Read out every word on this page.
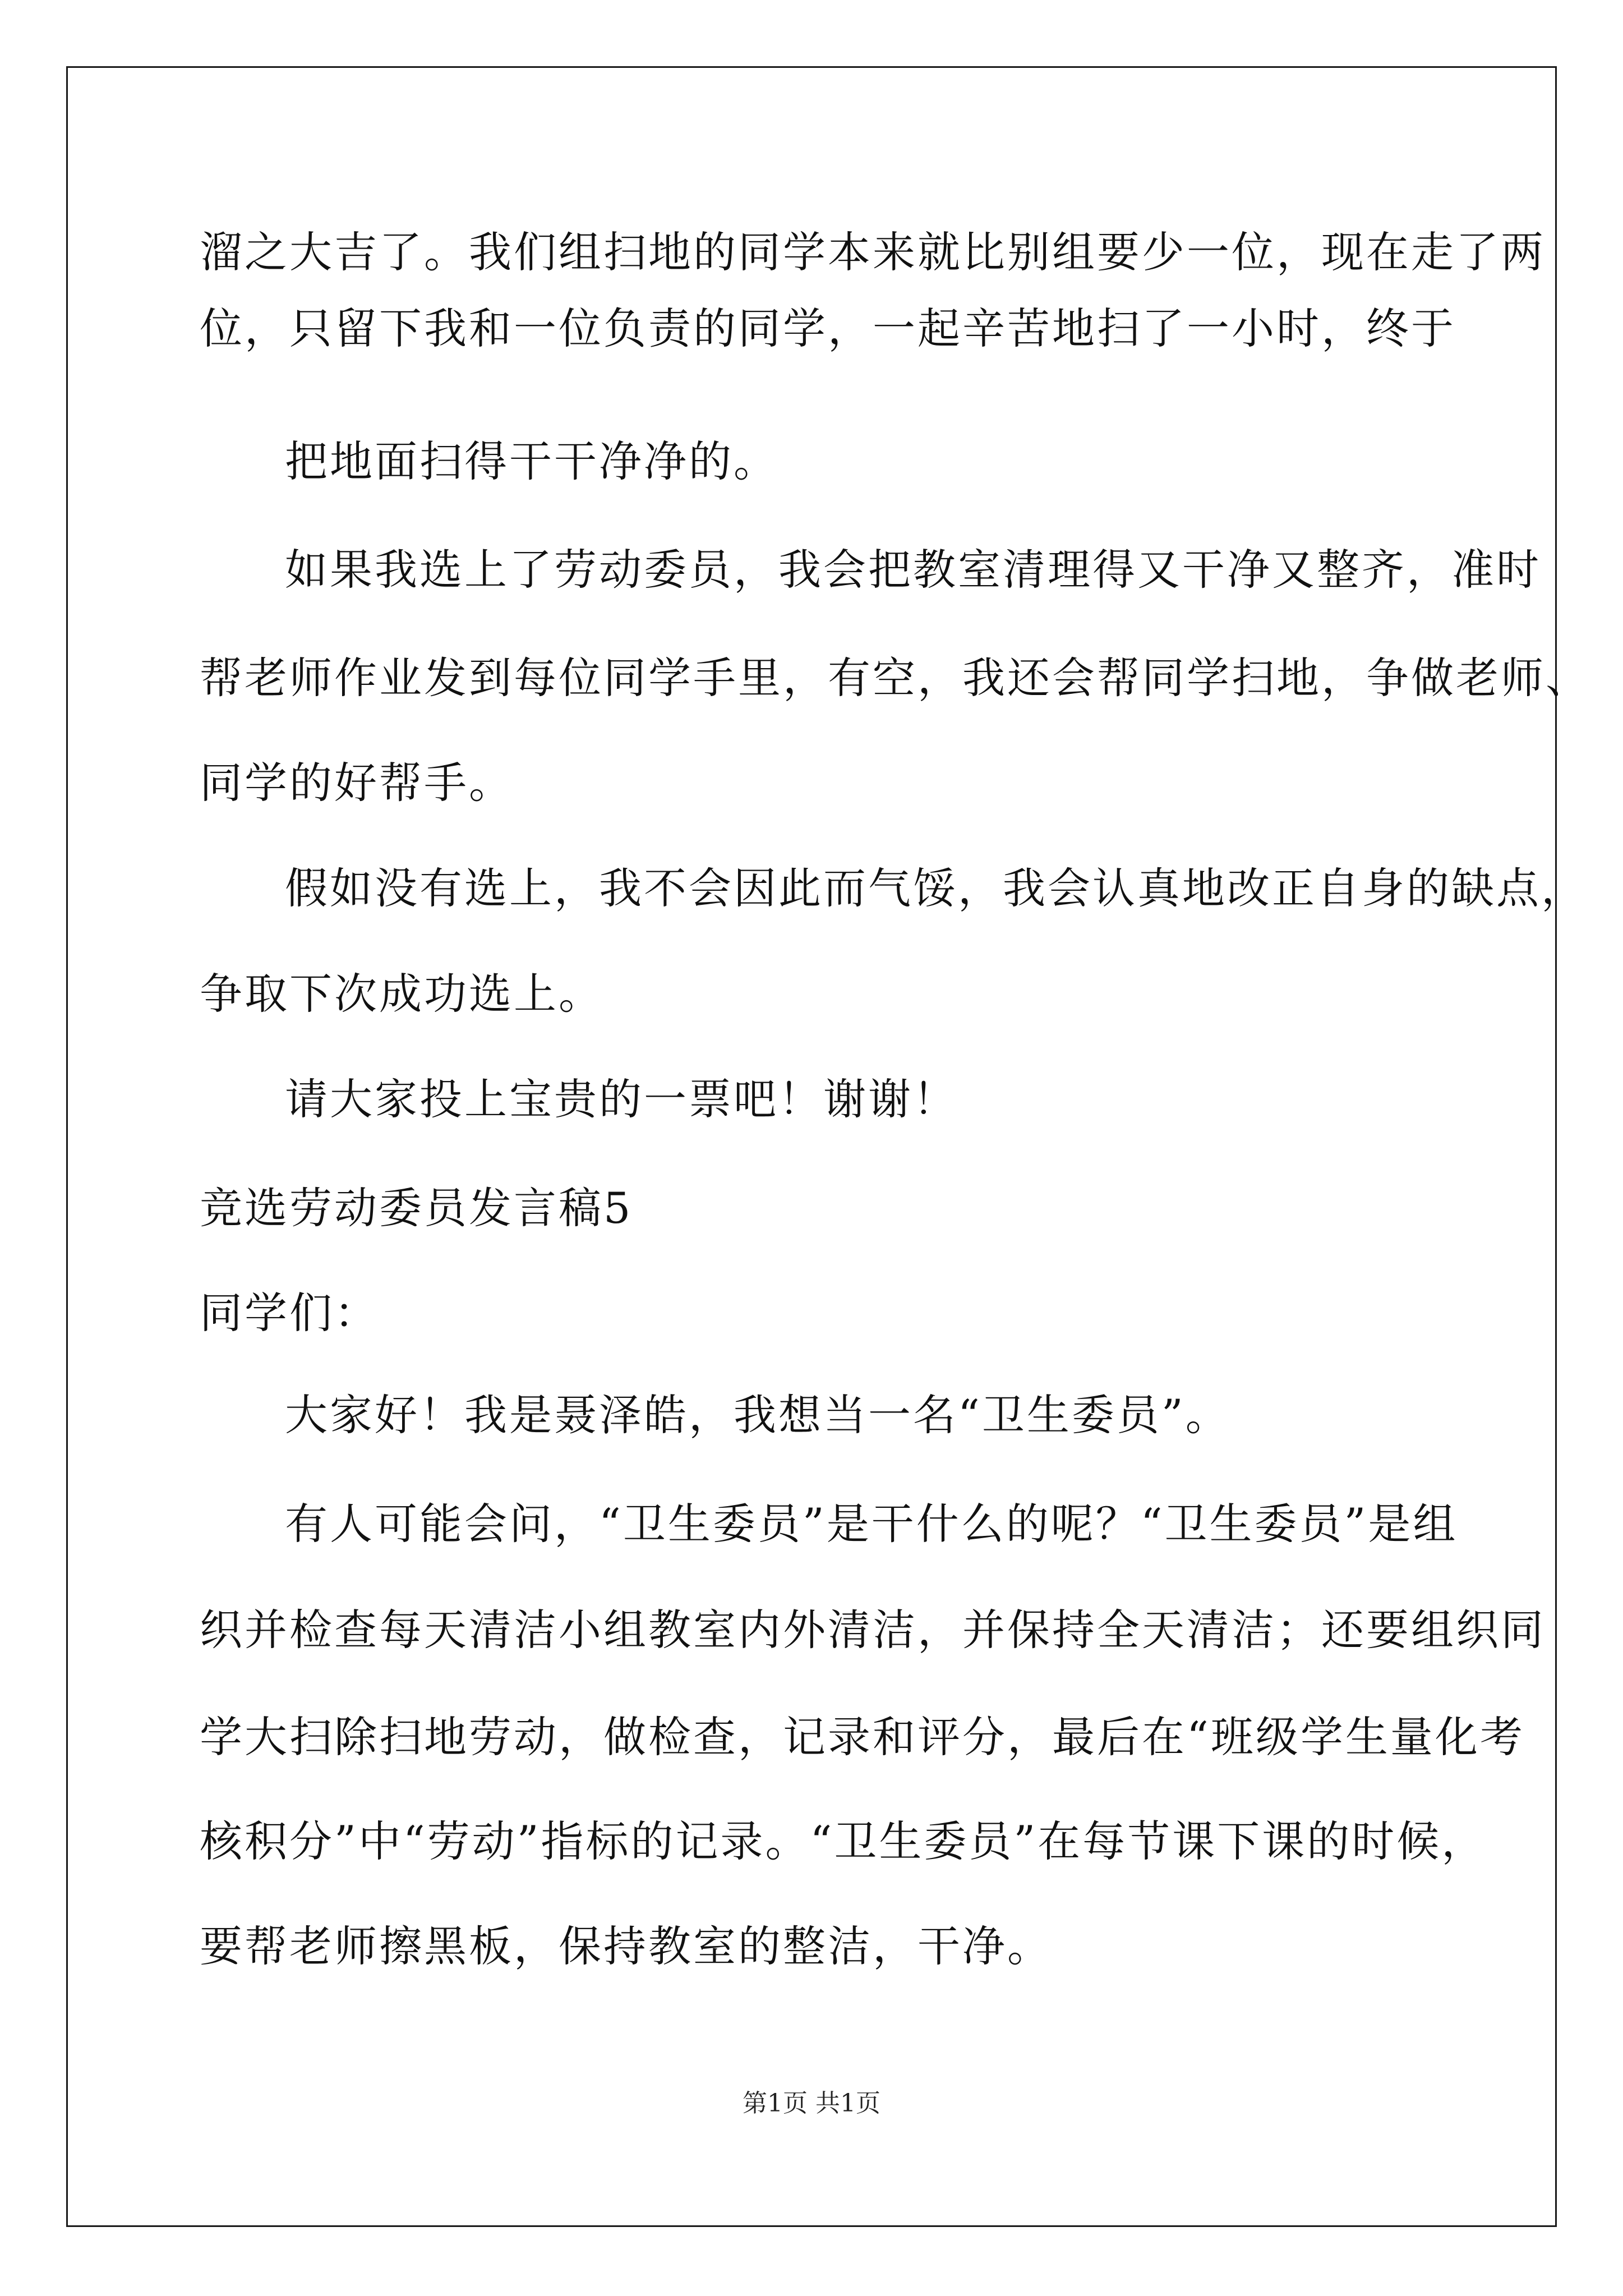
溜之大吉了。我们组扫地的同学本来就比别组要少一位，现在走了两
位，只留下我和一位负责的同学，一起辛苦地扫了一小时，终于
把地面扫得干干净净的。
如果我选上了劳动委员，我会把教室清理得又干净又整齐，准时
帮老师作业发到每位同学手里，有空，我还会帮同学扫地，争做老师、
同学的好帮手。
假如没有选上，我不会因此而气馁，我会认真地改正自身的缺点，
争取下次成功选上。
请大家投上宝贵的一票吧！谢谢！
竞选劳动委员发言稿5
同学们：
大家好！我是聂泽皓，我想当一名“卫生委员”。
有人可能会问，“卫生委员”是干什么的呢？“卫生委员”是组
织并检查每天清洁小组教室内外清洁，并保持全天清洁；还要组织同
学大扫除扫地劳动，做检查，记录和评分，最后在“班级学生量化考
核积分”中“劳动”指标的记录。“卫生委员”在每节课下课的时候，
要帮老师擦黑板，保持教室的整洁，干净。
第1页 共1页
